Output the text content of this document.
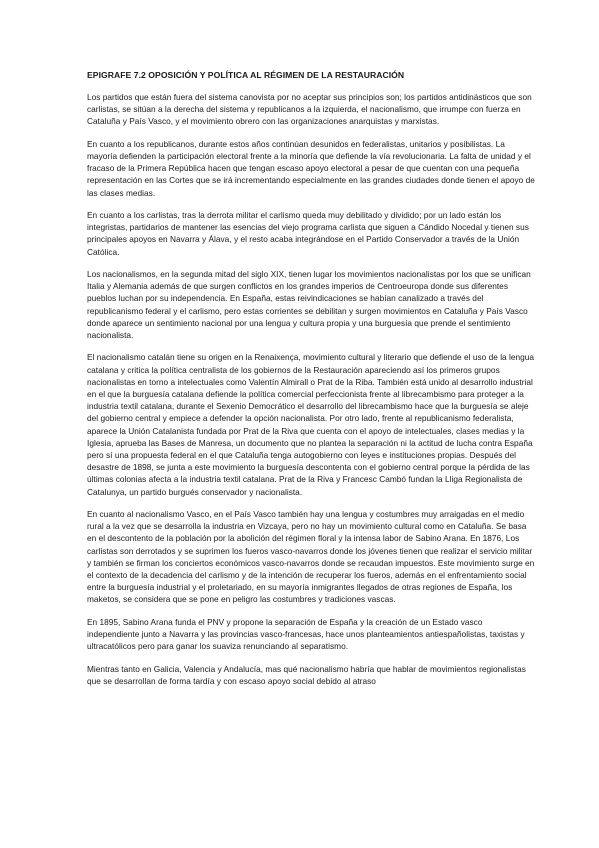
EPIGRAFE 7.2 OPOSICIÓN Y POLÍTICA AL RÉGIMEN DE LA RESTAURACIÓN

Los partidos que están fuera del sistema canovista por no aceptar sus principios son; los partidos antidinásticos que son carlistas, se sitúan a la derecha del sistema y republicanos a la izquierda, el nacionalismo, que irrumpe con fuerza en Cataluña y País Vasco, y el movimiento obrero con las organizaciones anarquistas y marxistas.

En cuanto a los republicanos, durante estos años continúan desunidos en federalistas, unitarios y posibilistas. La mayoría defienden la participación electoral frente a la minoría que defiende la vía revolucionaria. La falta de unidad y el fracaso de la Primera República hacen que tengan escaso apoyo electoral a pesar de que cuentan con una pequeña representación en las Cortes que se irá incrementando especialmente en las grandes ciudades donde tienen el apoyo de las clases medias.

En cuanto a los carlistas, tras la derrota militar el carlismo queda muy debilitado y dividido; por un lado están los integristas, partidarios de mantener las esencias del viejo programa carlista que siguen a Cándido Nocedal y tienen sus principales apoyos en Navarra y Álava, y el resto acaba integrándose en el Partido Conservador a través de la Unión Católica.

Los nacionalismos, en la segunda mitad del siglo XIX, tienen lugar los movimientos nacionalistas por los que se unifican Italia y Alemania además de que surgen conflictos en los grandes imperios de Centroeuropa donde sus diferentes pueblos luchan por su independencia. En España, estas reivindicaciones se habían canalizado a través del republicanismo federal y el carlismo, pero estas corrientes se debilitan y surgen movimientos en Cataluña y País Vasco donde aparece un sentimiento nacional por una lengua y cultura propia y una burguesía que prende el sentimiento nacionalista.

El nacionalismo catalán tiene su origen en la Renaixença, movimiento cultural y literario que defiende el uso de la lengua catalana y critica la política centralista de los gobiernos de la Restauración apareciendo así los primeros grupos nacionalistas en torno a intelectuales como Valentín Almirall o Prat de la Riba. También está unido al desarrollo industrial en el que la burguesía catalana defiende la política comercial perfeccionista frente al librecambismo para proteger a la industria textil catalana, durante el Sexenio Democrático el desarrollo del librecambismo hace que la burguesía se aleje del gobierno central y empiece a defender la opción nacionalista. Por otro lado, frente al republicanismo federalista, aparece la Unión Catalanista fundada por Prat de la Riva que cuenta con el apoyo de intelectuales, clases medias y la Iglesia, aprueba las Bases de Manresa, un documento que no plantea la separación ni la actitud de lucha contra España pero sí una propuesta federal en el que Cataluña tenga autogobierno con leyes e instituciones propias. Después del desastre de 1898, se junta a este movimiento la burguesía descontenta con el gobierno central porque la pérdida de las últimas colonias afecta a la industria textil catalana. Prat de la Riva y Francesc Cambó fundan la Lliga Regionalista de Catalunya, un partido burgués conservador y nacionalista.

En cuanto al nacionalismo Vasco, en el País Vasco también hay una lengua y costumbres muy arraigadas en el medio rural a la vez que se desarrolla la industria en Vizcaya, pero no hay un movimiento cultural como en Cataluña. Se basa en el descontento de la población por la abolición del régimen floral y la intensa labor de Sabino Arana. En 1876, Los carlistas son derrotados y se suprimen los fueros vasco-navarros donde los jóvenes tienen que realizar el servicio militar y también se firman los conciertos económicos vasco-navarros donde se recaudan impuestos. Este movimiento surge en el contexto de la decadencia del carlismo y de la intención de recuperar los fueros, además en el enfrentamiento social entre la burguesía industrial y el proletariado, en su mayoría inmigrantes llegados de otras regiones de España, los maketos, se considera que se pone en peligro las costumbres y tradiciones vascas.

En 1895, Sabino Arana funda el PNV y propone la separación de España y la creación de un Estado vasco independiente junto a Navarra y las provincias vasco-francesas, hace unos planteamientos antiespañolistas, taxistas y ultracatólicos pero para ganar los suaviza renunciando al separatismo.

Mientras tanto en Galicia, Valencia y Andalucía, mas qué nacionalismo habría que hablar de movimientos regionalistas que se desarrollan de forma tardía y con escaso apoyo social debido al atraso
